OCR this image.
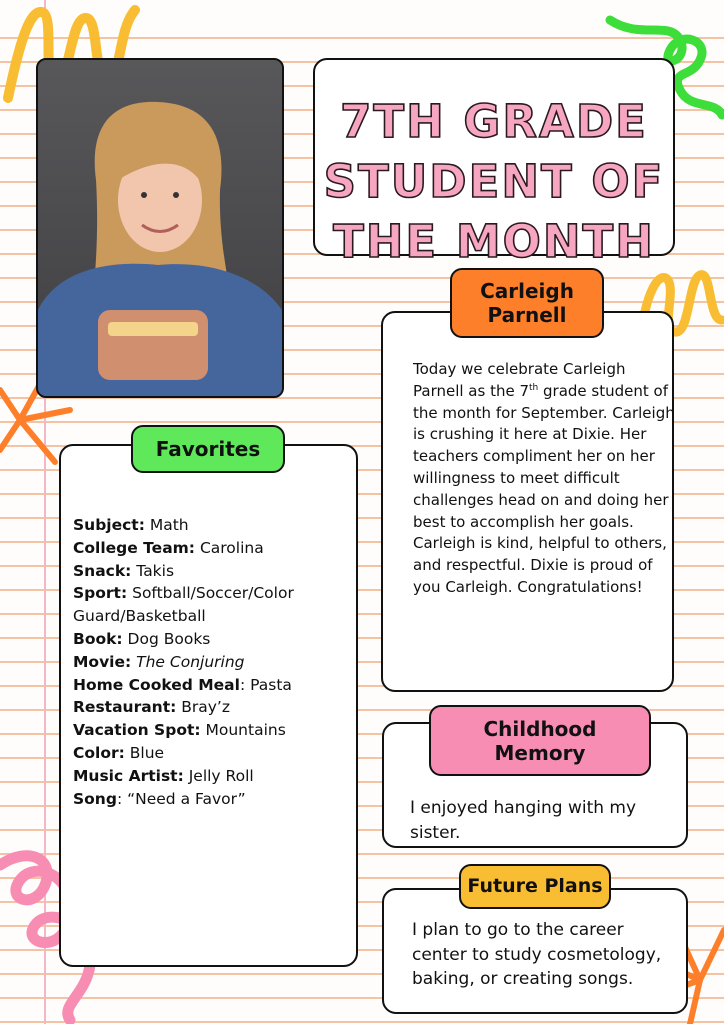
7TH GRADE
STUDENT OF
THE MONTH
Today we celebrate Carleigh Parnell as the 7th grade student of the month for September. Carleigh is crushing it here at Dixie. Her teachers compliment her on her willingness to meet difficult challenges head on and doing her best to accomplish her goals. Carleigh is kind, helpful to others, and respectful. Dixie is proud of you Carleigh. Congratulations!
Carleigh
Parnell
Subject: Math
College Team: Carolina
Snack: Takis
Sport: Softball/Soccer/Color Guard/Basketball
Book: Dog Books
Movie: The Conjuring
Home Cooked Meal: Pasta
Restaurant: Bray’z
Vacation Spot: Mountains
Color: Blue
Music Artist: Jelly Roll
Song: “Need a Favor”
Favorites
I enjoyed hanging with my sister.
Childhood
Memory
I plan to go to the career center to study cosmetology, baking, or creating songs.
Future Plans
